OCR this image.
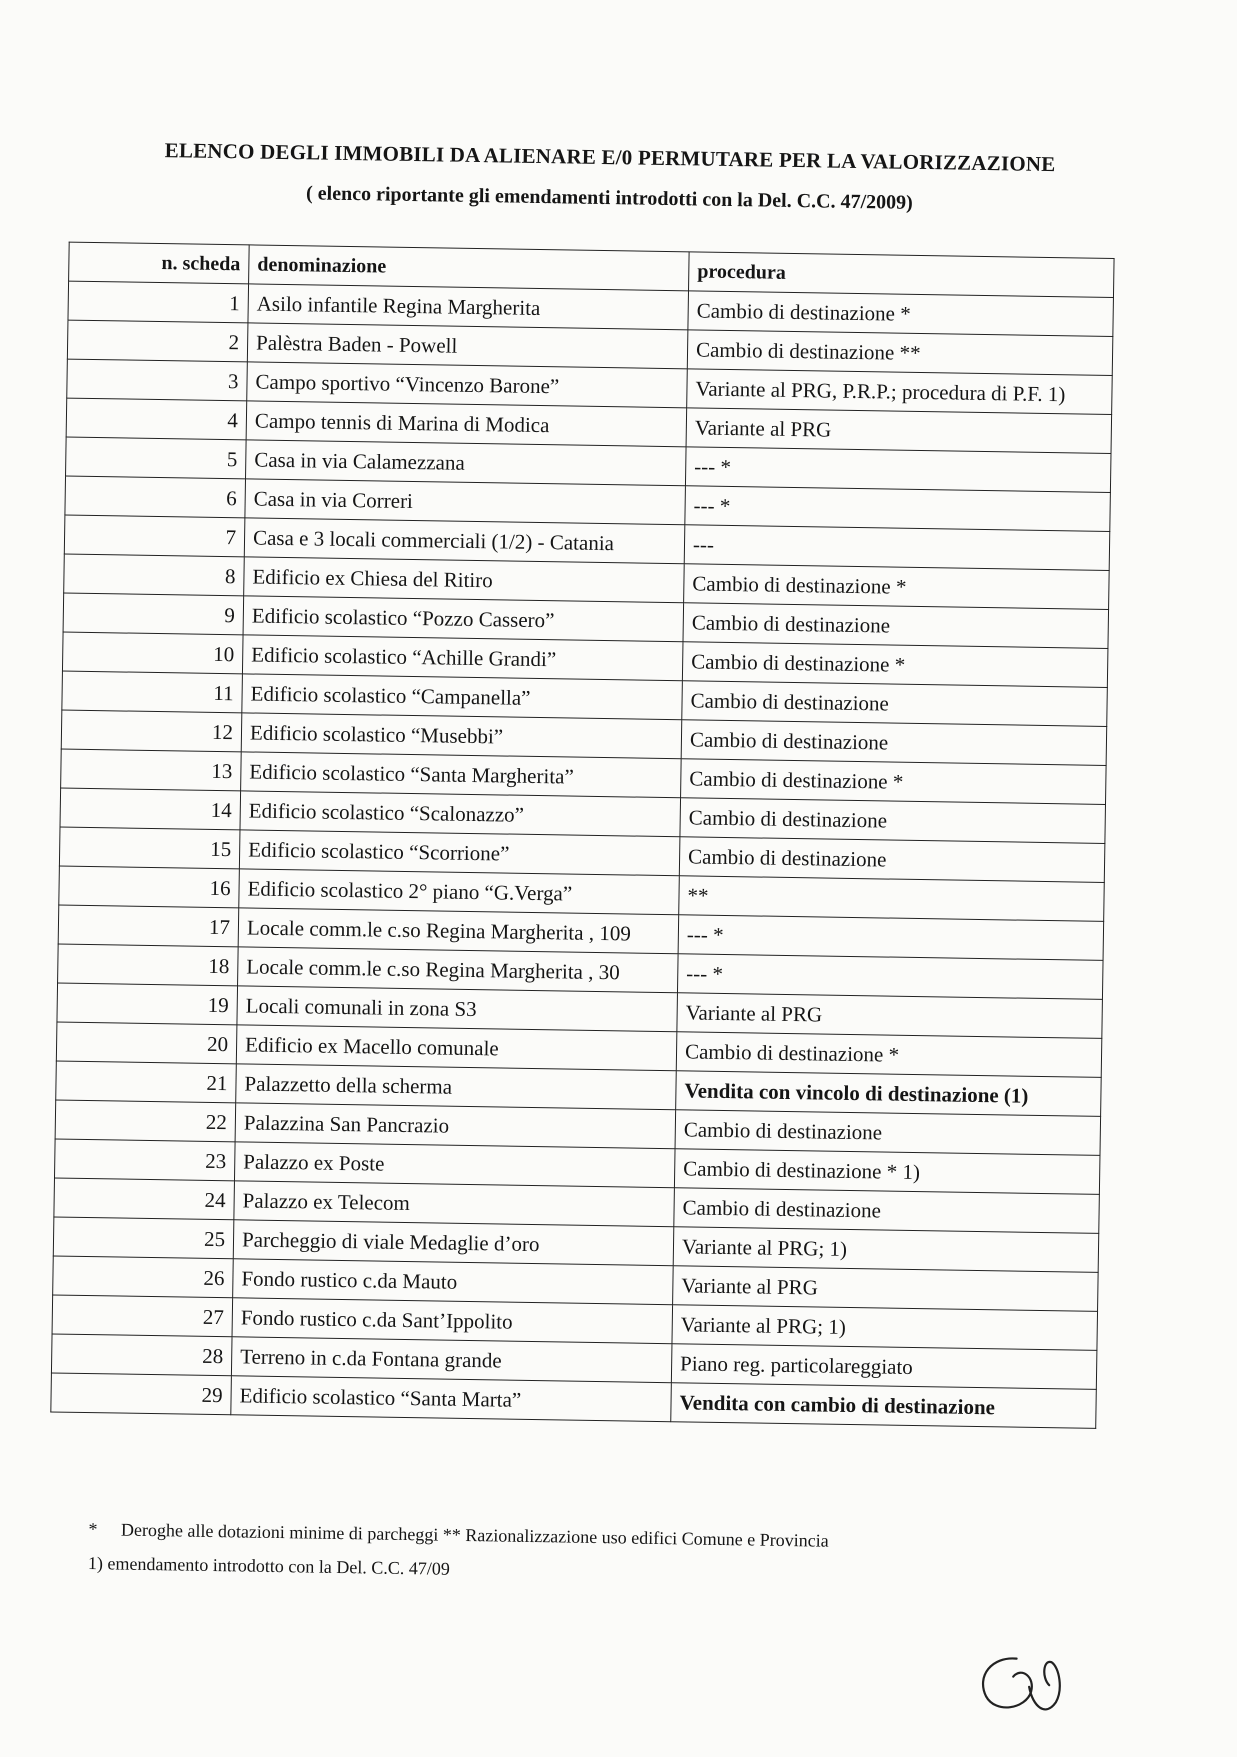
ELENCO DEGLI IMMOBILI DA ALIENARE E/0 PERMUTARE PER LA VALORIZZAZIONE
( elenco riportante gli emendamenti introdotti con la Del. C.C. 47/2009)
n. scheda	denominazione	procedura
1	Asilo infantile Regina Margherita	Cambio di destinazione *
2	Palèstra Baden - Powell	Cambio di destinazione **
3	Campo sportivo “Vincenzo Barone”	Variante al PRG, P.R.P.; procedura di P.F. 1)
4	Campo tennis di Marina di Modica	Variante al PRG
5	Casa in via Calamezzana	--- *
6	Casa in via Correri	--- *
7	Casa e 3 locali commerciali (1/2) - Catania	---
8	Edificio ex Chiesa del Ritiro	Cambio di destinazione *
9	Edificio scolastico “Pozzo Cassero”	Cambio di destinazione
10	Edificio scolastico “Achille Grandi”	Cambio di destinazione *
11	Edificio scolastico “Campanella”	Cambio di destinazione
12	Edificio scolastico “Musebbi”	Cambio di destinazione
13	Edificio scolastico “Santa Margherita”	Cambio di destinazione *
14	Edificio scolastico “Scalonazzo”	Cambio di destinazione
15	Edificio scolastico “Scorrione”	Cambio di destinazione
16	Edificio scolastico 2° piano “G.Verga”	**
17	Locale comm.le c.so Regina Margherita , 109	--- *
18	Locale comm.le c.so Regina Margherita , 30	--- *
19	Locali comunali in zona S3	Variante al PRG
20	Edificio ex Macello comunale	Cambio di destinazione *
21	Palazzetto della scherma	Vendita con vincolo di destinazione (1)
22	Palazzina San Pancrazio	Cambio di destinazione
23	Palazzo ex Poste	Cambio di destinazione * 1)
24	Palazzo ex Telecom	Cambio di destinazione
25	Parcheggio di viale Medaglie d’oro	Variante al PRG; 1)
26	Fondo rustico c.da Mauto	Variante al PRG
27	Fondo rustico c.da Sant’Ippolito	Variante al PRG; 1)
28	Terreno in c.da Fontana grande	Piano reg. particolareggiato
29	Edificio scolastico “Santa Marta”	Vendita con cambio di destinazione
* Deroghe alle dotazioni minime di parcheggi ** Razionalizzazione uso edifici Comune e Provincia
1) emendamento introdotto con la Del. C.C. 47/09
